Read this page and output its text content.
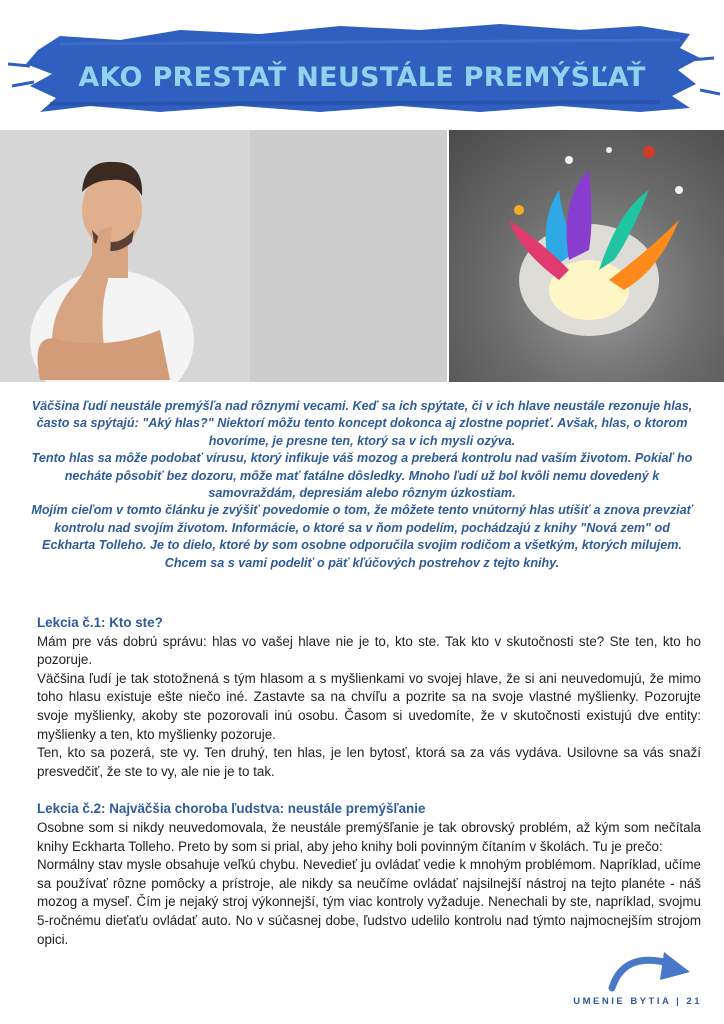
AKO PRESTAŤ NEUSTÁLE PREMÝŠĽAŤ

Väčšina ľudí neustále premýšľa nad rôznymi vecami. Keď sa ich spýtate, či v ich hlave neustále rezonuje hlas, často sa spýtajú: "Aký hlas?" Niektorí môžu tento koncept dokonca aj zlostne poprieť. Avšak, hlas, o ktorom hovoríme, je presne ten, ktorý sa v ich mysli ozýva.

Tento hlas sa môže podobať vírusu, ktorý infikuje váš mozog a preberá kontrolu nad vaším životom. Pokiaľ ho necháte pôsobiť bez dozoru, môže mať fatálne dôsledky. Mnoho ľudí už bol kvôli nemu dovedený k samovraždám, depresiám alebo rôznym úzkostiam.

Mojím cieľom v tomto článku je zvýšiť povedomie o tom, že môžete tento vnútorný hlas utíšiť a znova prevziať kontrolu nad svojím životom. Informácie, o ktoré sa v ňom podelím, pochádzajú z knihy "Nová zem" od Eckharta Tolleho. Je to dielo, ktoré by som osobne odporučila svojim rodičom a všetkým, ktorých milujem.

Chcem sa s vami podeliť o päť kľúčových postrehov z tejto knihy.

Lekcia č.1: Kto ste?

Mám pre vás dobrú správu: hlas vo vašej hlave nie je to, kto ste. Tak kto v skutočnosti ste? Ste ten, kto ho pozoruje.

Väčšina ľudí je tak stotožnená s tým hlasom a s myšlienkami vo svojej hlave, že si ani neuvedomujú, že mimo toho hlasu existuje ešte niečo iné. Zastavte sa na chvíľu a pozrite sa na svoje vlastné myšlienky. Pozorujte svoje myšlienky, akoby ste pozorovali inú osobu. Časom si uvedomíte, že v skutočnosti existujú dve entity: myšlienky a ten, kto myšlienky pozoruje.

Ten, kto sa pozerá, ste vy. Ten druhý, ten hlas, je len bytosť, ktorá sa za vás vydáva. Usilovne sa vás snaží presvedčiť, že ste to vy, ale nie je to tak.

Lekcia č.2: Najväčšia choroba ľudstva: neustále premýšľanie

Osobne som si nikdy neuvedomovala, že neustále premýšľanie je tak obrovský problém, až kým som nečítala knihy Eckharta Tolleho. Preto by som si prial, aby jeho knihy boli povinným čítaním v školách. Tu je prečo:

Normálny stav mysle obsahuje veľkú chybu. Nevedieť ju ovládať vedie k mnohým problémom. Napríklad, učíme sa používať rôzne pomôcky a prístroje, ale nikdy sa neučíme ovládať najsilnejší nástroj na tejto planéte - náš mozog a myseľ. Čím je nejaký stroj výkonnejší, tým viac kontroly vyžaduje. Nenechali by ste, napríklad, svojmu 5-ročnému dieťaťu ovládať auto. No v súčasnej dobe, ľudstvo udelilo kontrolu nad týmto najmocnejším strojom opici.

UMENIE BYTIA | 21
